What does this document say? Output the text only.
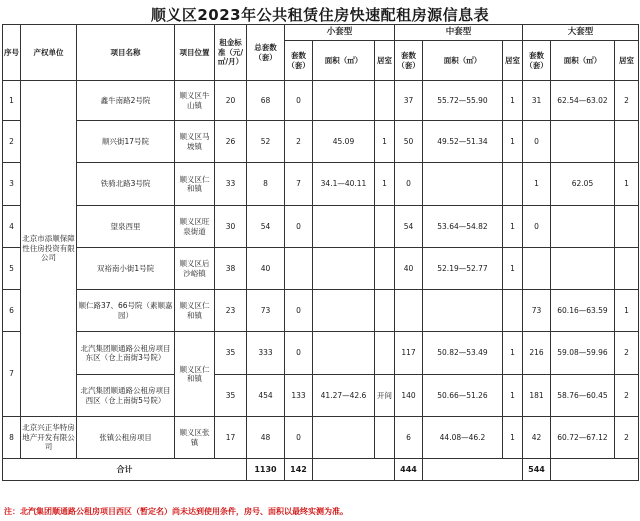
顺义区2023年公共租赁住房快速配租房源信息表
序号	产权单位	项目名称	项目位置	租金标准（元/㎡/月）	总套数（套）	小套型			中套型			大套型		
						套数（套）	面积（㎡）	居室	套数（套）	面积（㎡）	居室	套数（套）	面积（㎡）	居室
1	北京市添顺保障性住房投资有限公司	鑫牛南路2号院	顺义区牛山镇	20	68	0			37	55.72—55.90	1	31	62.54—63.02	2
2		顺兴街17号院	顺义区马坡镇	26	52	2	45.09	1	50	49.52—51.34	1	0		
3		铁骑北路3号院	顺义区仁和镇	33	8	7	34.1—40.11	1	0			1	62.05	1
4		望泉西里	顺义区旺泉街道	30	54	0			54	53.64—54.82	1	0		
5		双裕南小街1号院	顺义区后沙峪镇	38	40				40	52.19—52.77	1			
6		顺仁路37、66号院（素顺嘉园）	顺义区仁和镇	23	73	0						73	60.16—63.59	1
7		北汽集团顺通路公租房项目东区（仓上南街3号院）	顺义区仁和镇	35	333	0			117	50.82—53.49	1	216	59.08—59.96	2
		北汽集团顺通路公租房项目西区（仓上南街5号院）		35	454	133	41.27—42.6	开间	140	50.66—51.26	1	181	58.76—60.45	2
8	北京兴正华特房地产开发有限公司	张镇公租房项目	顺义区张镇	17	48	0			6	44.08—46.2	1	42	60.72—67.12	2
合计					1130	142			444			544		
注：北汽集团顺通路公租房项目西区（暂定名）尚未达到使用条件，房号、面积以最终实测为准。
